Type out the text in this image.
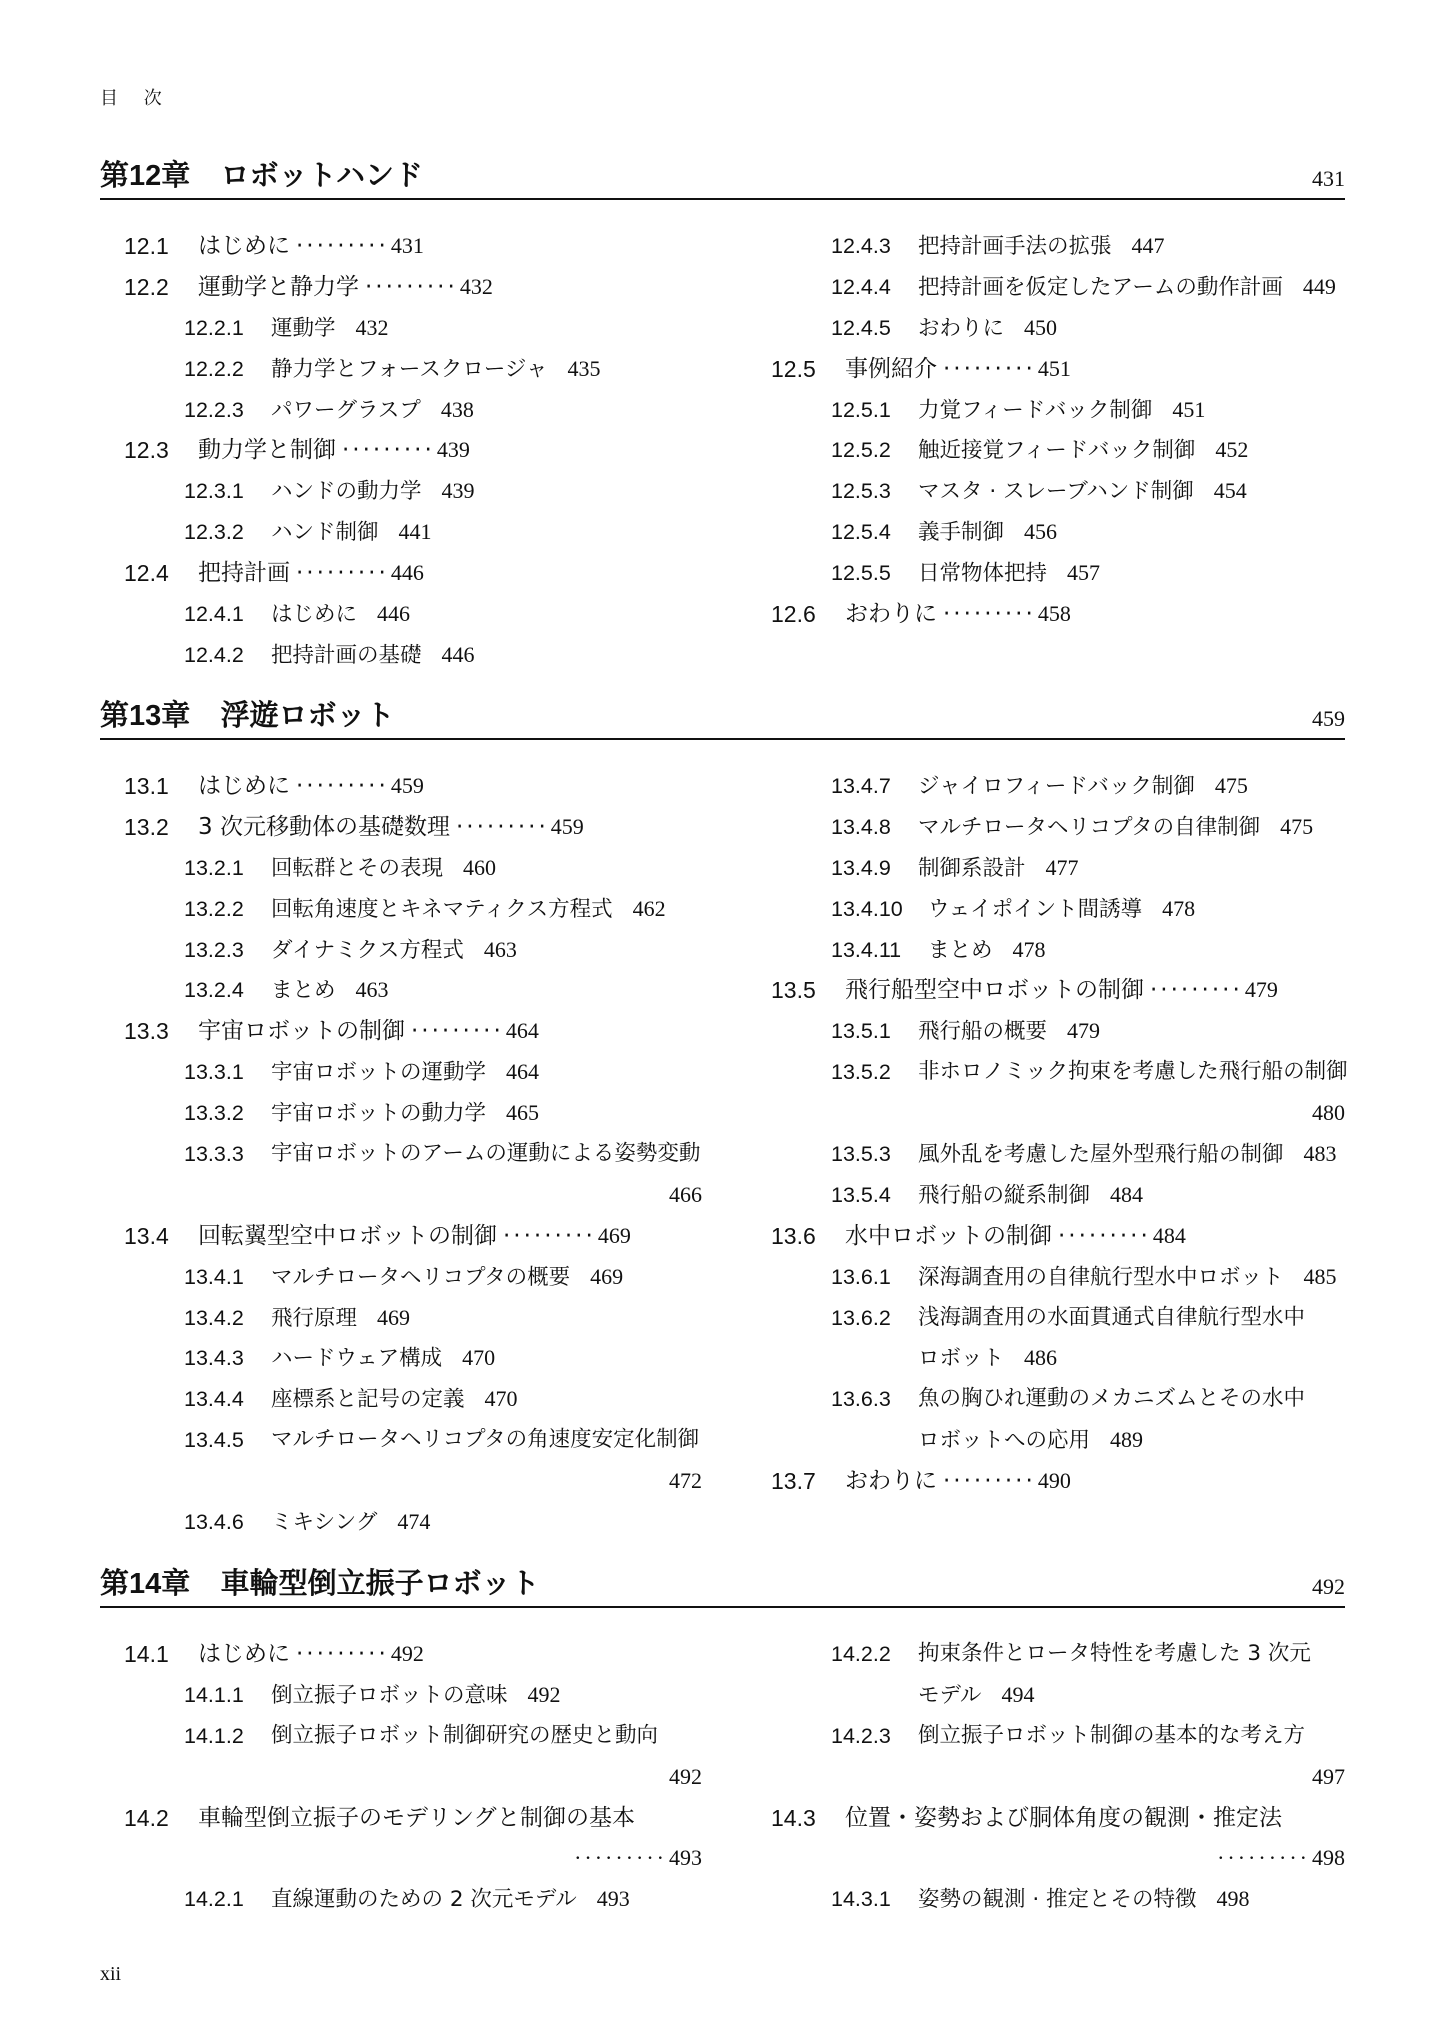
目 次
第12章 ロボットハンド	431
12.1 はじめに ·········431
12.2 運動学と静力学 ·········432
12.2.1 運動学 432
12.2.2 静力学とフォースクロージャ 435
12.2.3 パワーグラスプ 438
12.3 動力学と制御 ·········439
12.3.1 ハンドの動力学 439
12.3.2 ハンド制御 441
12.4 把持計画 ·········446
12.4.1 はじめに 446
12.4.2 把持計画の基礎 446
12.4.3 把持計画手法の拡張 447
12.4.4 把持計画を仮定したアームの動作計画 449
12.4.5 おわりに 450
12.5 事例紹介 ·········451
12.5.1 力覚フィードバック制御 451
12.5.2 触近接覚フィードバック制御 452
12.5.3 マスタ · スレーブハンド制御 454
12.5.4 義手制御 456
12.5.5 日常物体把持 457
12.6 おわりに ·········458
第13章 浮遊ロボット	459
13.1 はじめに ·········459
13.2 3 次元移動体の基礎数理 ·········459
13.2.1 回転群とその表現 460
13.2.2 回転角速度とキネマティクス方程式 462
13.2.3 ダイナミクス方程式 463
13.2.4 まとめ 463
13.3 宇宙ロボットの制御 ·········464
13.3.1 宇宙ロボットの運動学 464
13.3.2 宇宙ロボットの動力学 465
13.3.3 宇宙ロボットのアームの運動による姿勢変動
466
13.4 回転翼型空中ロボットの制御 ·········469
13.4.1 マルチロータヘリコプタの概要 469
13.4.2 飛行原理 469
13.4.3 ハードウェア構成 470
13.4.4 座標系と記号の定義 470
13.4.5 マルチロータヘリコプタの角速度安定化制御
472
13.4.6 ミキシング 474
13.4.7 ジャイロフィードバック制御 475
13.4.8 マルチロータヘリコプタの自律制御 475
13.4.9 制御系設計 477
13.4.10 ウェイポイント間誘導 478
13.4.11 まとめ 478
13.5 飛行船型空中ロボットの制御 ·········479
13.5.1 飛行船の概要 479
13.5.2 非ホロノミック拘束を考慮した飛行船の制御
480
13.5.3 風外乱を考慮した屋外型飛行船の制御 483
13.5.4 飛行船の縦系制御 484
13.6 水中ロボットの制御 ·········484
13.6.1 深海調査用の自律航行型水中ロボット 485
13.6.2 浅海調査用の水面貫通式自律航行型水中
ロボット 486
13.6.3 魚の胸ひれ運動のメカニズムとその水中
ロボットへの応用 489
13.7 おわりに ·········490
第14章 車輪型倒立振子ロボット	492
14.1 はじめに ·········492
14.1.1 倒立振子ロボットの意味 492
14.1.2 倒立振子ロボット制御研究の歴史と動向
492
14.2 車輪型倒立振子のモデリングと制御の基本
·········493
14.2.1 直線運動のための 2 次元モデル 493
14.2.2 拘束条件とロータ特性を考慮した 3 次元
モデル 494
14.2.3 倒立振子ロボット制御の基本的な考え方
497
14.3 位置・姿勢および胴体角度の観測・推定法
·········498
14.3.1 姿勢の観測 · 推定とその特徴 498
xii
